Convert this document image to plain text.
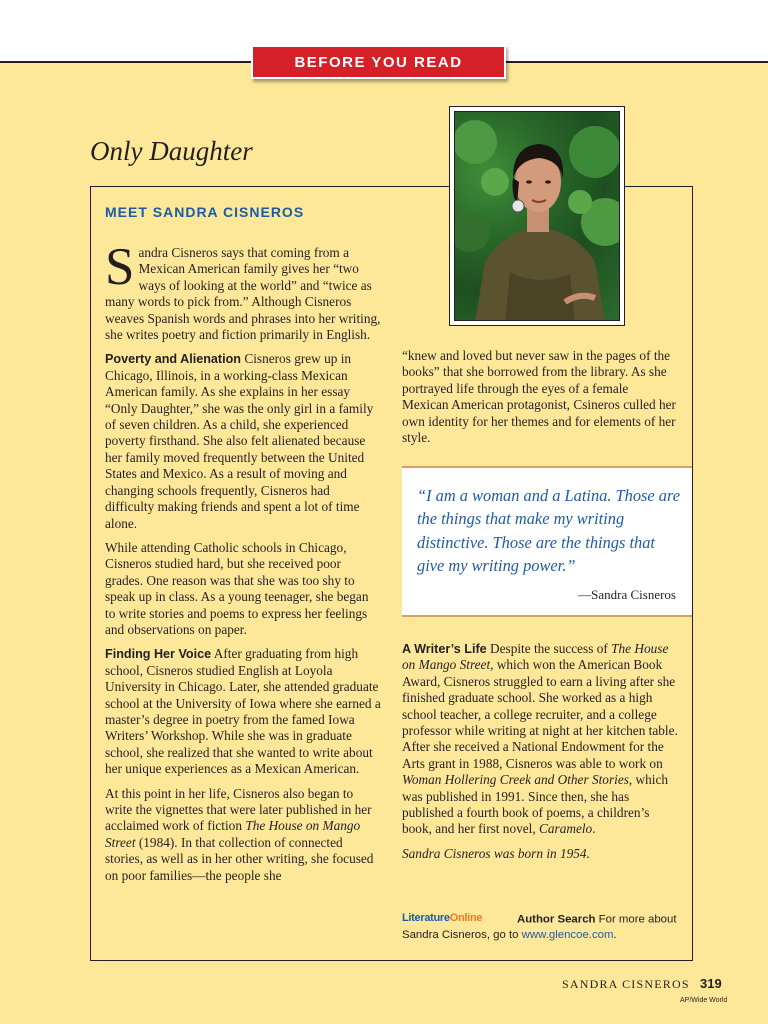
BEFORE YOU READ
Only Daughter
MEET SANDRA CISNEROS

Sandra Cisneros says that coming from a Mexican American family gives her “two ways of looking at the world” and “twice as many words to pick from.” Although Cisneros weaves Spanish words and phrases into her writing, she writes poetry and fiction primarily in English.

Poverty and Alienation Cisneros grew up in Chicago, Illinois, in a working-class Mexican American family. As she explains in her essay “Only Daughter,” she was the only girl in a family of seven children. As a child, she experienced poverty firsthand. She also felt alienated because her family moved frequently between the United States and Mexico. As a result of moving and changing schools frequently, Cisneros had difficulty making friends and spent a lot of time alone.

While attending Catholic schools in Chicago, Cisneros studied hard, but she received poor grades. One reason was that she was too shy to speak up in class. As a young teenager, she began to write stories and poems to express her feelings and observations on paper.

Finding Her Voice After graduating from high school, Cisneros studied English at Loyola University in Chicago. Later, she attended graduate school at the University of Iowa where she earned a master’s degree in poetry from the famed Iowa Writers’ Workshop. While she was in graduate school, she realized that she wanted to write about her unique experiences as a Mexican American.

At this point in her life, Cisneros also began to write the vignettes that were later published in her acclaimed work of fiction The House on Mango Street (1984). In that collection of connected stories, as well as in her other writing, she focused on poor families—the people she

“knew and loved but never saw in the pages of the books” that she borrowed from the library. As she portrayed life through the eyes of a female Mexican American protagonist, Csineros culled her own identity for her themes and for elements of her style.
“I am a woman and a Latina. Those are the things that make my writing distinctive. Those are the things that give my writing power.”
—Sandra Cisneros

A Writer’s Life Despite the success of The House on Mango Street, which won the American Book Award, Cisneros struggled to earn a living after she finished graduate school. She worked as a high school teacher, a college recruiter, and a college professor while writing at night at her kitchen table. After she received a National Endowment for the Arts grant in 1988, Cisneros was able to work on Woman Hollering Creek and Other Stories, which was published in 1991. Since then, she has published a fourth book of poems, a children’s book, and her first novel, Caramelo.

Sandra Cisneros was born in 1954.

LiteratureOnline	Author Search For more about Sandra Cisneros, go to www.glencoe.com.
SANDRA CISNEROS 319
AP/Wide World
